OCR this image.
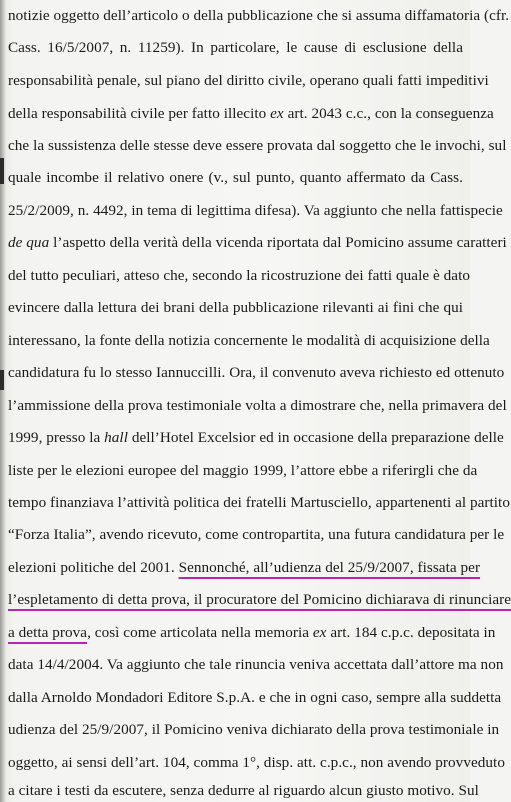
notizie oggetto dell’articolo o della pubblicazione che si assuma diffamatoria (cfr.
Cass. 16/5/2007, n. 11259). In particolare, le cause di esclusione della
responsabilità penale, sul piano del diritto civile, operano quali fatti impeditivi
della responsabilità civile per fatto illecito ex art. 2043 c.c., con la conseguenza
che la sussistenza delle stesse deve essere provata dal soggetto che le invochi, sul
quale incombe il relativo onere (v., sul punto, quanto affermato da Cass.
25/2/2009, n. 4492, in tema di legittima difesa). Va aggiunto che nella fattispecie
de qua l’aspetto della verità della vicenda riportata dal Pomicino assume caratteri
del tutto peculiari, atteso che, secondo la ricostruzione dei fatti quale è dato
evincere dalla lettura dei brani della pubblicazione rilevanti ai fini che qui
interessano, la fonte della notizia concernente le modalità di acquisizione della
candidatura fu lo stesso Iannuccilli. Ora, il convenuto aveva richiesto ed ottenuto
l’ammissione della prova testimoniale volta a dimostrare che, nella primavera del
1999, presso la hall dell’Hotel Excelsior ed in occasione della preparazione delle
liste per le elezioni europee del maggio 1999, l’attore ebbe a riferirgli che da
tempo finanziava l’attività politica dei fratelli Martusciello, appartenenti al partito
“Forza Italia”, avendo ricevuto, come contropartita, una futura candidatura per le
elezioni politiche del 2001. Sennonché, all’udienza del 25/9/2007, fissata per
l’espletamento di detta prova, il procuratore del Pomicino dichiarava di rinunciare
a detta prova, così come articolata nella memoria ex art. 184 c.p.c. depositata in
data 14/4/2004. Va aggiunto che tale rinuncia veniva accettata dall’attore ma non
dalla Arnoldo Mondadori Editore S.p.A. e che in ogni caso, sempre alla suddetta
udienza del 25/9/2007, il Pomicino veniva dichiarato della prova testimoniale in
oggetto, ai sensi dell’art. 104, comma 1°, disp. att. c.p.c., non avendo provveduto
a citare i testi da escutere, senza dedurre al riguardo alcun giusto motivo. Sul
